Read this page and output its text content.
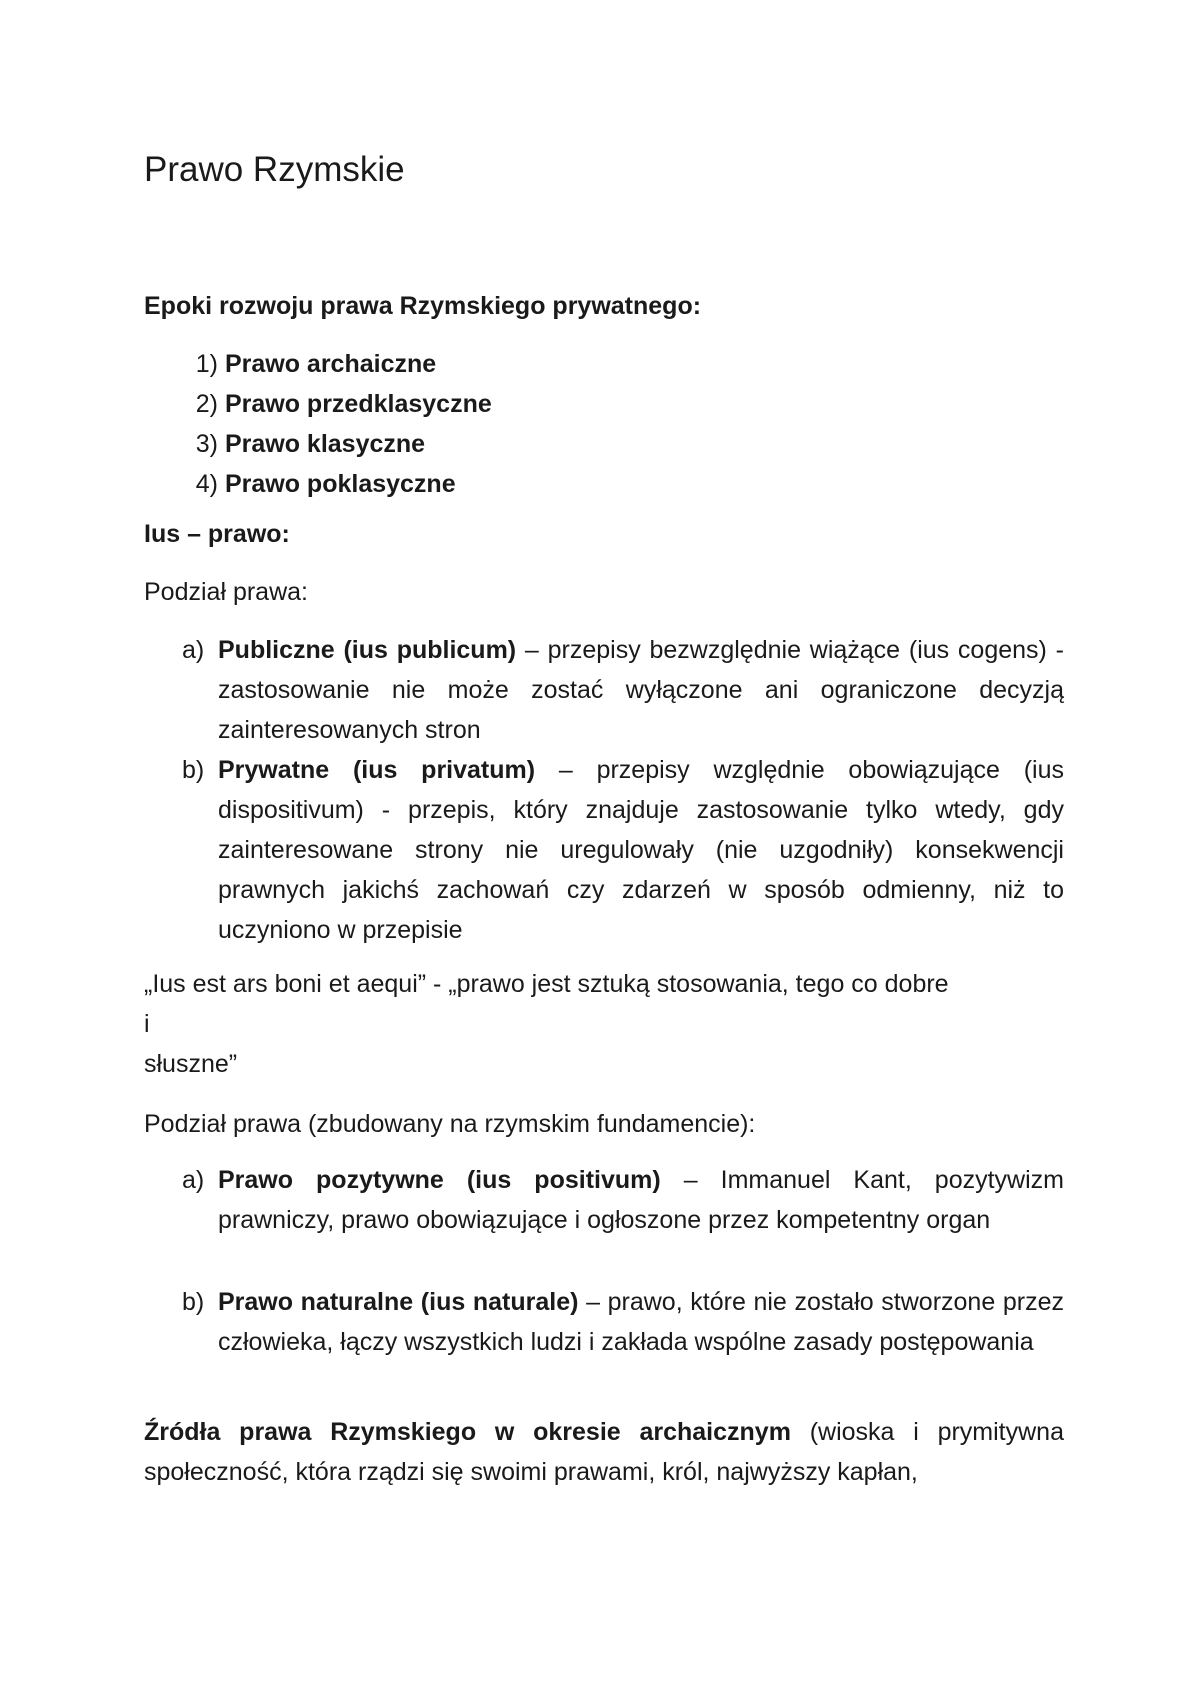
Prawo Rzymskie

Epoki rozwoju prawa Rzymskiego prywatnego:

1) Prawo archaiczne
2) Prawo przedklasyczne
3) Prawo klasyczne
4) Prawo poklasyczne

Ius – prawo:

Podział prawa:

a) Publiczne (ius publicum) – przepisy bezwzględnie wiążące (ius cogens) - zastosowanie nie może zostać wyłączone ani ograniczone decyzją zainteresowanych stron
b) Prywatne (ius privatum) – przepisy względnie obowiązujące (ius dispositivum) - przepis, który znajduje zastosowanie tylko wtedy, gdy zainteresowane strony nie uregulowały (nie uzgodniły) konsekwencji prawnych jakichś zachowań czy zdarzeń w sposób odmienny, niż to uczyniono w przepisie

„Ius est ars boni et aequi” - „prawo jest sztuką stosowania, tego co dobre

i

słuszne”

Podział prawa (zbudowany na rzymskim fundamencie):

a) Prawo pozytywne (ius positivum) – Immanuel Kant, pozytywizm prawniczy, prawo obowiązujące i ogłoszone przez kompetentny organ
b) Prawo naturalne (ius naturale) – prawo, które nie zostało stworzone przez człowieka, łączy wszystkich ludzi i zakłada wspólne zasady postępowania
Źródła prawa Rzymskiego w okresie archaicznym (wioska i prymitywna społeczność, która rządzi się swoimi prawami, król, najwyższy kapłan,
